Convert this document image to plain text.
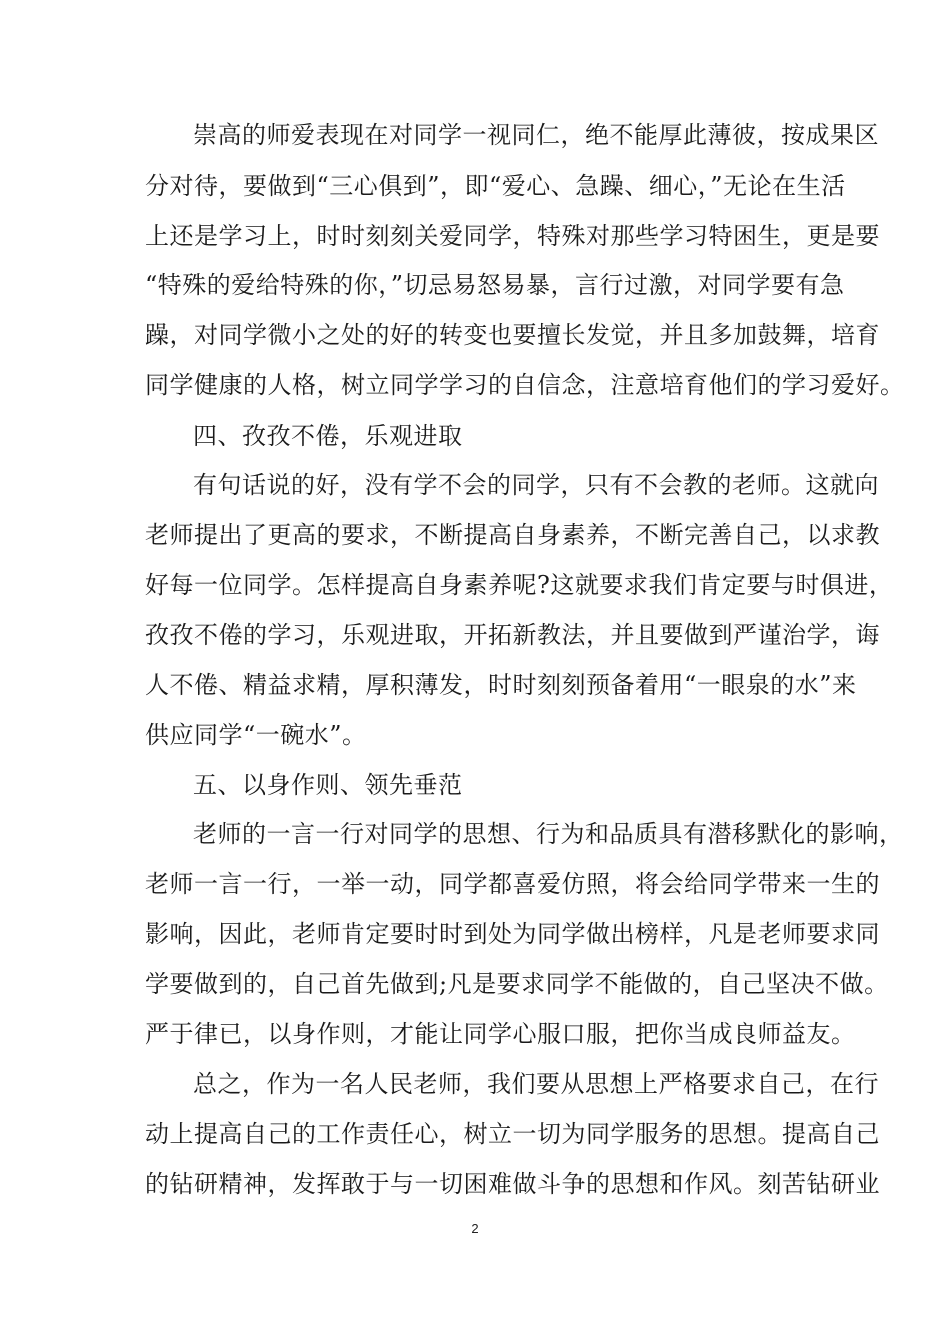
崇高的师爱表现在对同学一视同仁，绝不能厚此薄彼，按成果区
分对待，要做到“三心俱到”，即“爱心、急躁、细心，”无论在生活
上还是学习上，时时刻刻关爱同学，特殊对那些学习特困生，更是要
“特殊的爱给特殊的你，”切忌易怒易暴，言行过激，对同学要有急
躁，对同学微小之处的好的转变也要擅长发觉，并且多加鼓舞，培育
同学健康的人格，树立同学学习的自信念，注意培育他们的学习爱好。
四、孜孜不倦，乐观进取
有句话说的好，没有学不会的同学，只有不会教的老师。这就向
老师提出了更高的要求，不断提高自身素养，不断完善自己，以求教
好每一位同学。怎样提高自身素养呢?这就要求我们肯定要与时俱进，
孜孜不倦的学习，乐观进取，开拓新教法，并且要做到严谨治学，诲
人不倦、精益求精，厚积薄发，时时刻刻预备着用“一眼泉的水”来
供应同学“一碗水”。
五、以身作则、领先垂范
老师的一言一行对同学的思想、行为和品质具有潜移默化的影响，
老师一言一行，一举一动，同学都喜爱仿照，将会给同学带来一生的
影响，因此，老师肯定要时时到处为同学做出榜样，凡是老师要求同
学要做到的，自己首先做到;凡是要求同学不能做的，自己坚决不做。
严于律已，以身作则，才能让同学心服口服，把你当成良师益友。
总之，作为一名人民老师，我们要从思想上严格要求自己，在行
动上提高自己的工作责任心，树立一切为同学服务的思想。提高自己
的钻研精神，发挥敢于与一切困难做斗争的思想和作风。刻苦钻研业
2
